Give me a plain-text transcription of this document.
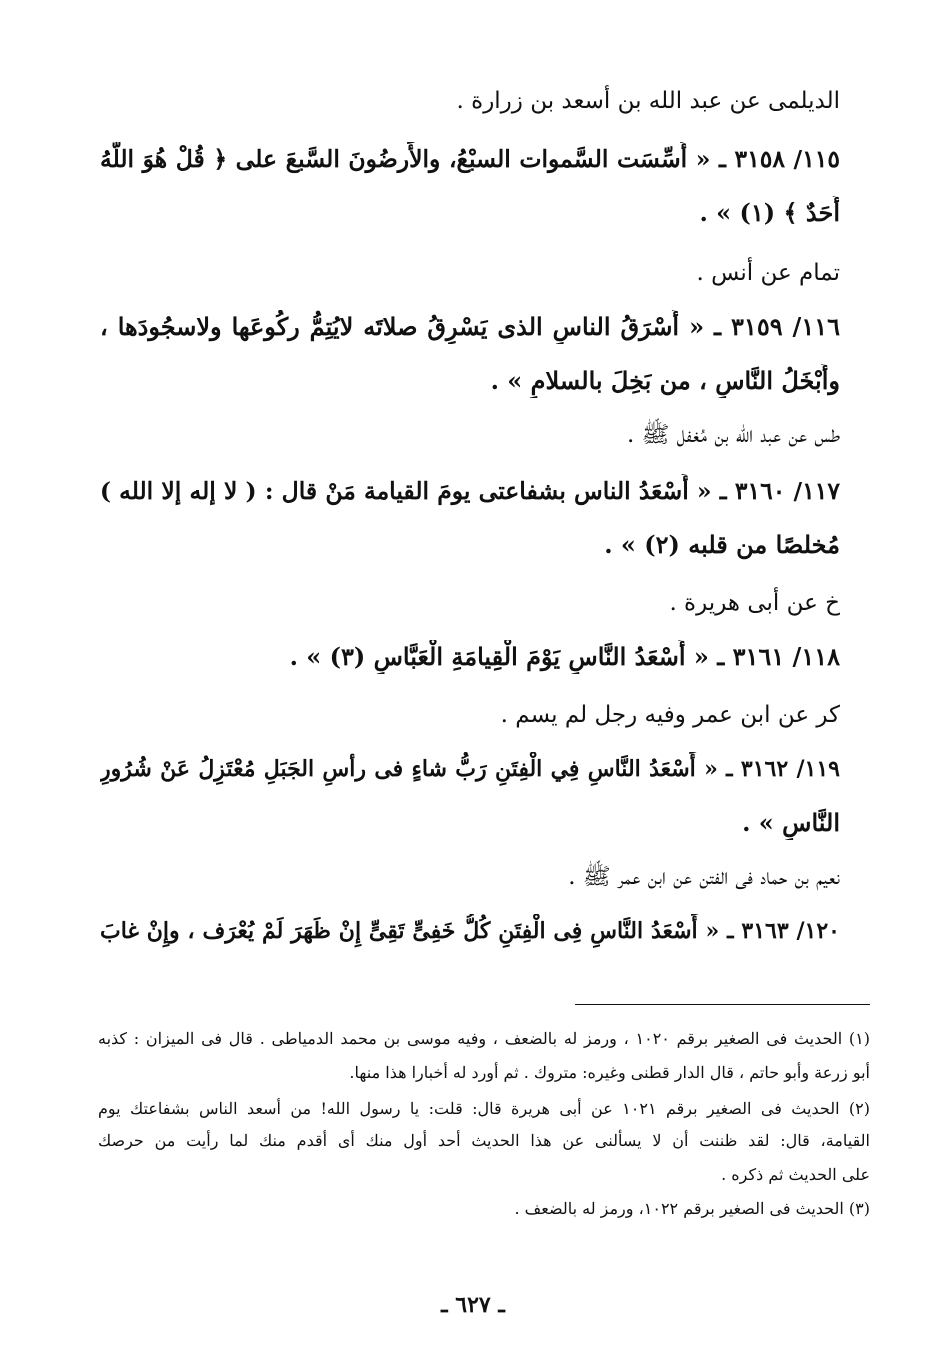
الديلمى عن عبد الله بن أسعد بن زرارة .
١١٥/ ٣١٥٨ ـ « أُسِّسَت السَّموات السبْعُ، والأَرضُونَ السَّبعَ على ﴿ قُلْ هُوَ اللَّهُ
أَحَدٌ ﴾ (١) » .
تمام عن أنس .
١١٦/ ٣١٥٩ ـ « أَسْرَقُ الناسِ الذى يَسْرِقُ صلاتَه لايُتِمُّ ركُوعَها ولاسجُودَها ،
وأَبْخَلُ النَّاسِ ، من بَخِلَ بالسلامِ » .
طس عن عبد الله بن مُغفل ﷺ .
١١٧/ ٣١٦٠ ـ « أَسْعَدُ الناس بشفاعتى يومَ القيامة مَنْ قال : ( لا إله إلا الله )
مُخلصًا من قلبه (٢) » .
خ عن أبى هريرة .
١١٨/ ٣١٦١ ـ « أَسْعَدُ النَّاسِ يَوْمَ الْقِيامَةِ الْعَبَّاسِ (٣) » .
كر عن ابن عمر وفيه رجل لم يسم .
١١٩/ ٣١٦٢ ـ « أَسْعَدُ النَّاسِ فِي الْفِتَنِ رَبُّ شاءٍ فى رأسِ الجَبَلِ مُعْتَزِلُ عَنْ شُرُورِ
النَّاسِ » .
نعيم بن حماد فى الفتن عن ابن عمر ﷺ .
١٢٠/ ٣١٦٣ ـ « أَسْعَدُ النَّاسِ فِى الْفِتَنِ كُلُّ خَفِىٍّ تَقِىٍّ إِنْ ظَهَرَ لَمْ يُعْرَف ، وإِنْ غابَ
(١) الحديث فى الصغير برقم ١٠٢٠ ، ورمز له بالضعف ، وفيه موسى بن محمد الدمياطى . قال فى الميزان : كذبه
أبو زرعة وأبو حاتم ، قال الدار قطنى وغيره: متروك . ثم أورد له أخبارا هذا منها.
(٢) الحديث فى الصغير برقم ١٠٢١ عن أبى هريرة قال: قلت: يا رسول الله! من أسعد الناس بشفاعتك يوم
القيامة، قال: لقد ظننت أن لا يسألنى عن هذا الحديث أحد أول منك أى أقدم منك لما رأيت من حرصك
على الحديث ثم ذكره .
(٣) الحديث فى الصغير برقم ١٠٢٢، ورمز له بالضعف .
ـ ٦٢٧ ـ
